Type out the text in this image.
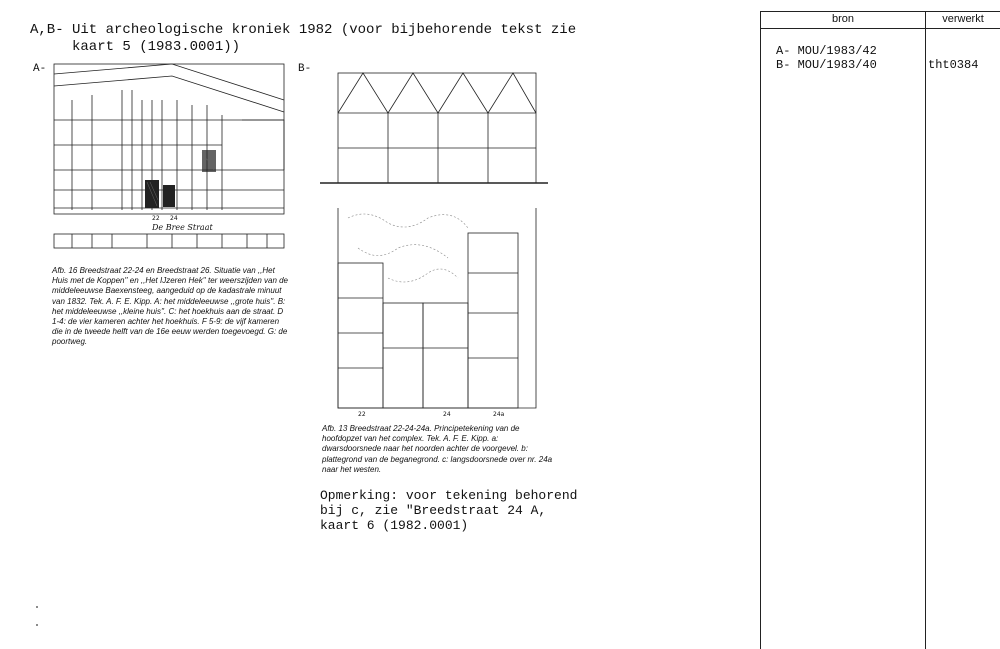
A,B- Uit archeologische kroniek 1982 (voor bijbehorende tekst zie
kaart 5 (1983.0001))
A-	B-
22 24
De Bree Straat
22	24	24a
Afb. 16 Breedstraat 22-24 en Breedstraat 26. Situatie van ,,Het Huis met de Koppen'' en ,,Het IJzeren Hek'' ter weerszijden van de middeleeuwse Baexensteeg, aangeduid op de kadastrale minuut van 1832. Tek. A. F. E. Kipp. A: het middeleeuwse ,,grote huis''. B: het middeleeuwse ,,kleine huis''. C: het hoekhuis aan de straat. D 1-4: de vier kameren achter het hoekhuis. F 5-9: de vijf kameren die in de tweede helft van de 16e eeuw werden toegevoegd. G: de poortweg.
Afb. 13 Breedstraat 22-24-24a. Principetekening van de hoofdopzet van het complex. Tek. A. F. E. Kipp. a: dwarsdoorsnede naar het noorden achter de voorgevel. b: plattegrond van de beganegrond. c: langsdoorsnede over nr. 24a naar het westen.
Opmerking: voor tekening behorend
bij c, zie "Breedstraat 24 A,
kaart 6 (1982.0001)
bron	verwerkt
A- MOU/1983/42
B- MOU/1983/40	tht0384
